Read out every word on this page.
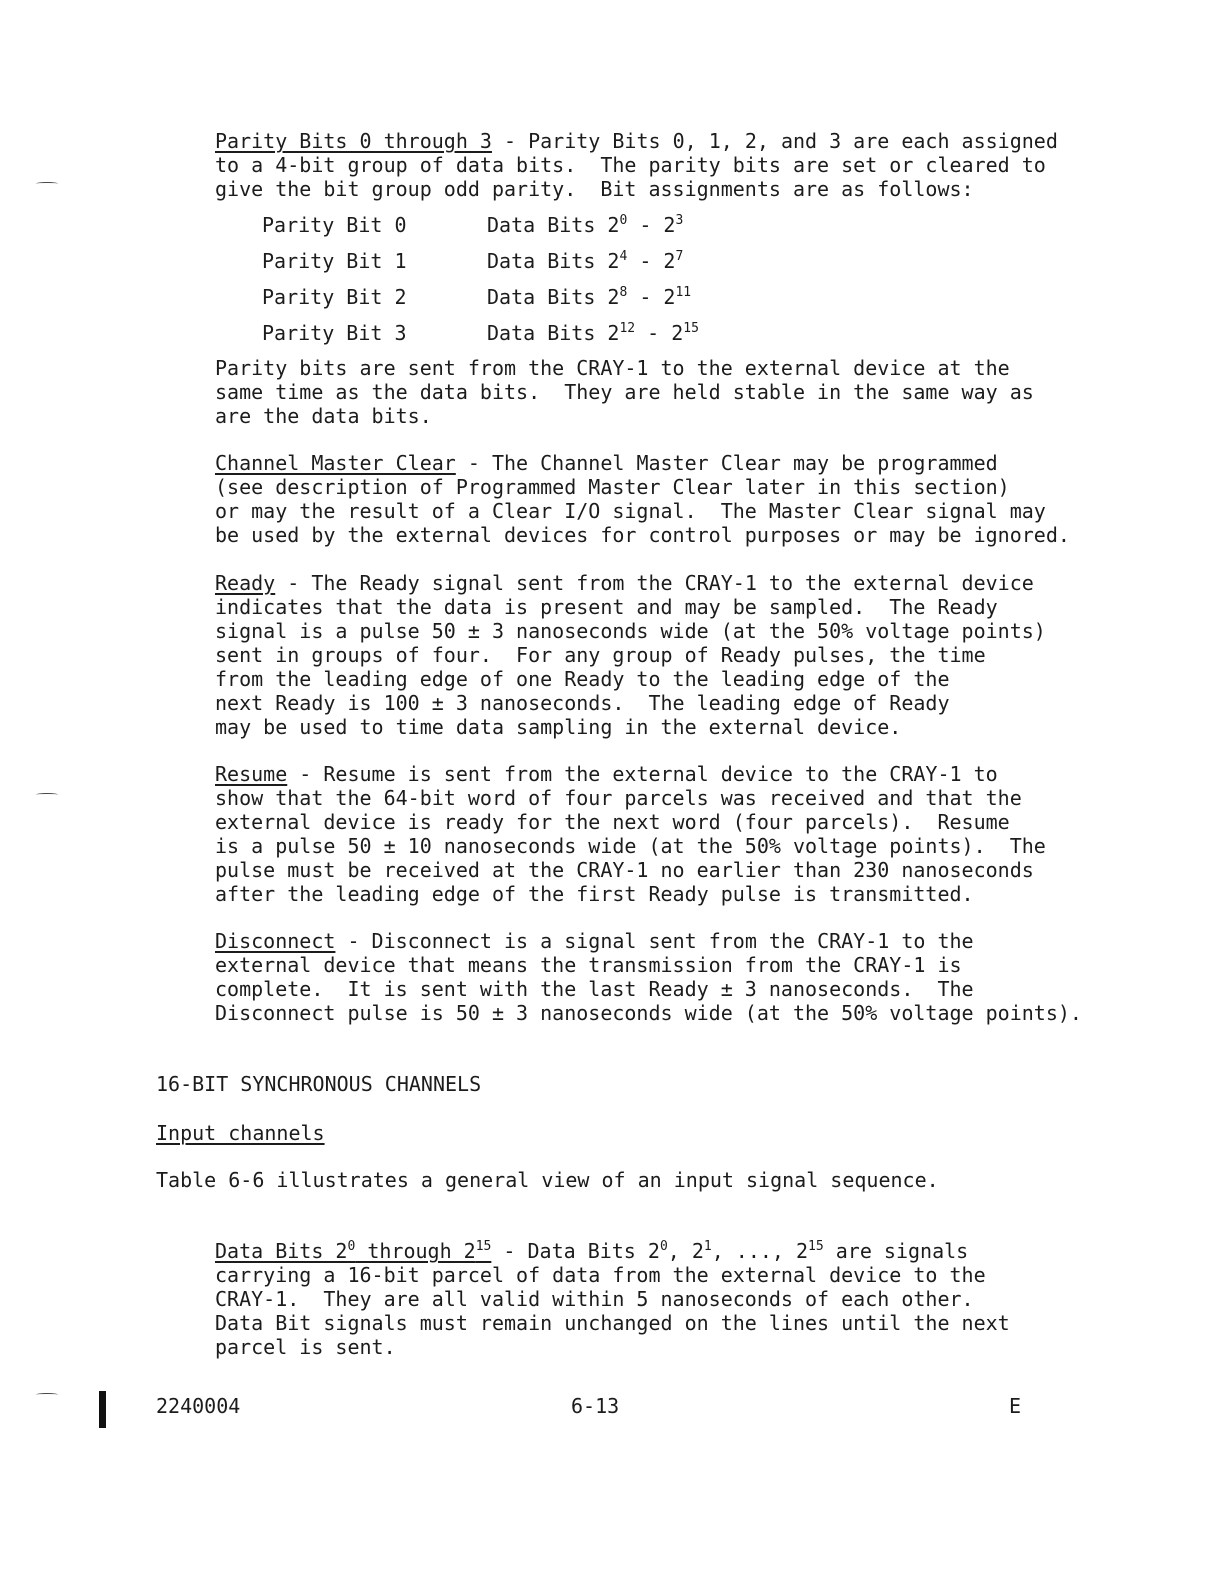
Parity Bits 0 through 3 - Parity Bits 0, 1, 2, and 3 are each assigned
to a 4-bit group of data bits.  The parity bits are set or cleared to
give the bit group odd parity.  Bit assignments are as follows:
Parity Bit 0	Data Bits $2^0 - 2^3$
Parity Bit 1	Data Bits $2^4 - 2^7$
Parity Bit 2	Data Bits $2^8 - 2^{11}$
Parity Bit 3	Data Bits $2^{12} - 2^{15}$
Parity bits are sent from the CRAY-1 to the external device at the
same time as the data bits.  They are held stable in the same way as
are the data bits.
Channel Master Clear - The Channel Master Clear may be programmed
(see description of Programmed Master Clear later in this section)
or may the result of a Clear I/O signal.  The Master Clear signal may
be used by the external devices for control purposes or may be ignored.
Ready - The Ready signal sent from the CRAY-1 to the external device
indicates that the data is present and may be sampled.  The Ready
signal is a pulse 50 ± 3 nanoseconds wide (at the 50% voltage points)
sent in groups of four.  For any group of Ready pulses, the time
from the leading edge of one Ready to the leading edge of the
next Ready is 100 ± 3 nanoseconds.  The leading edge of Ready
may be used to time data sampling in the external device.
Resume - Resume is sent from the external device to the CRAY-1 to
show that the 64-bit word of four parcels was received and that the
external device is ready for the next word (four parcels).  Resume
is a pulse 50 ± 10 nanoseconds wide (at the 50% voltage points).  The
pulse must be received at the CRAY-1 no earlier than 230 nanoseconds
after the leading edge of the first Ready pulse is transmitted.
Disconnect - Disconnect is a signal sent from the CRAY-1 to the
external device that means the transmission from the CRAY-1 is
complete.  It is sent with the last Ready ± 3 nanoseconds.  The
Disconnect pulse is 50 ± 3 nanoseconds wide (at the 50% voltage points).
16-BIT SYNCHRONOUS CHANNELS
Input channels
Table 6-6 illustrates a general view of an input signal sequence.
Data Bits $2^0$ through $2^{15}$ - Data Bits $2^0$, $2^1$, ..., $2^{15}$ are signals
carrying a 16-bit parcel of data from the external device to the
CRAY-1.  They are all valid within 5 nanoseconds of each other.
Data Bit signals must remain unchanged on the lines until the next
parcel is sent.
2240004	6-13	E
